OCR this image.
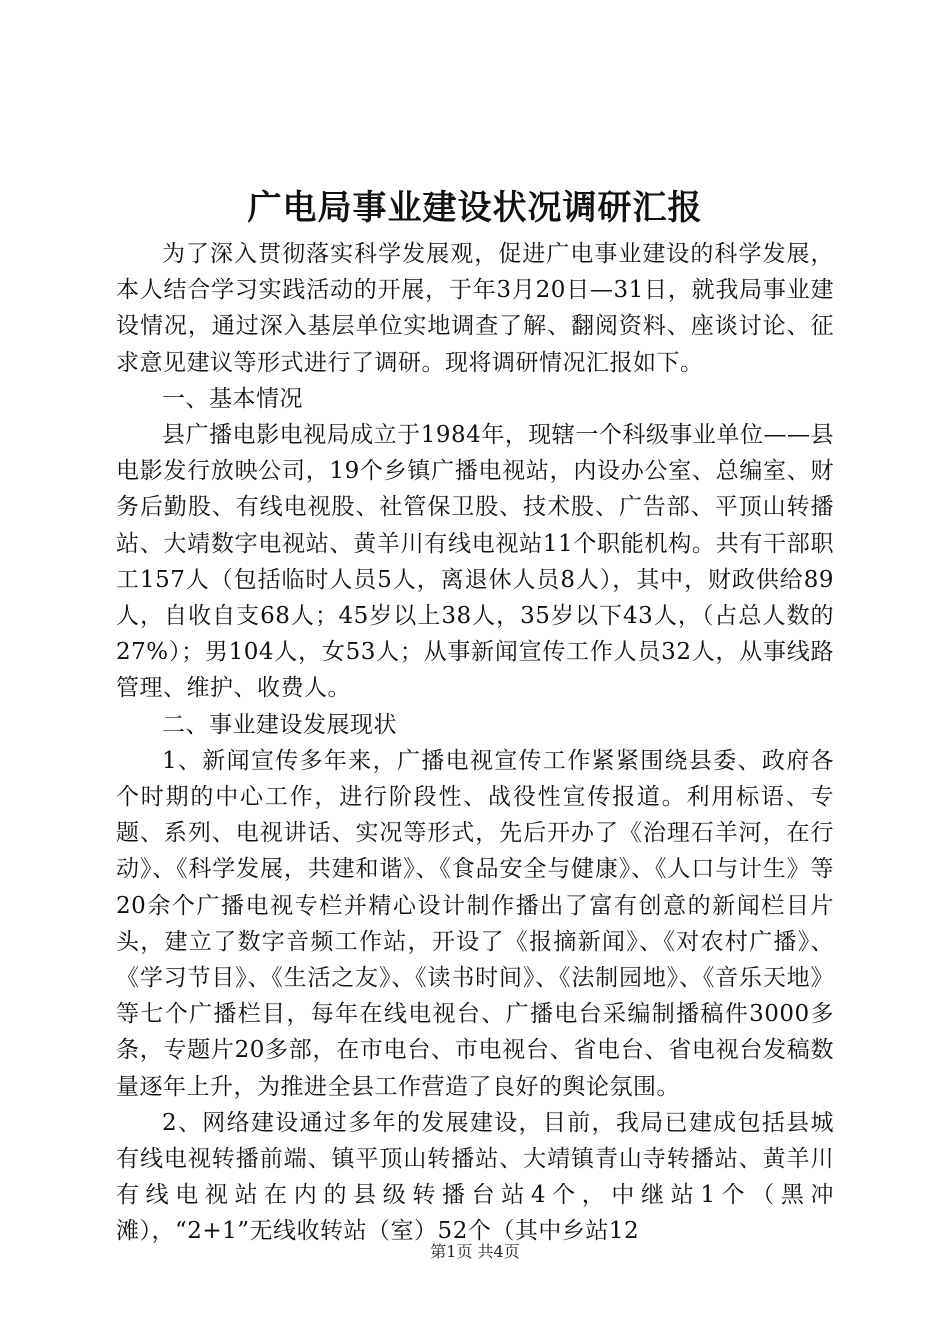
广电局事业建设状况调研汇报

为了深入贯彻落实科学发展观，促进广电事业建设的科学发展，本人结合学习实践活动的开展，于年3月20日—31日，就我局事业建设情况，通过深入基层单位实地调查了解、翻阅资料、座谈讨论、征求意见建议等形式进行了调研。现将调研情况汇报如下。

一、基本情况

县广播电影电视局成立于1984年，现辖一个科级事业单位——县电影发行放映公司，19个乡镇广播电视站，内设办公室、总编室、财务后勤股、有线电视股、社管保卫股、技术股、广告部、平顶山转播站、大靖数字电视站、黄羊川有线电视站11个职能机构。共有干部职工157人（包括临时人员5人，离退休人员8人），其中，财政供给89人，自收自支68人；45岁以上38人，35岁以下43人，（占总人数的27%）；男104人，女53人；从事新闻宣传工作人员32人，从事线路管理、维护、收费人。

二、事业建设发展现状

1、新闻宣传多年来，广播电视宣传工作紧紧围绕县委、政府各个时期的中心工作，进行阶段性、战役性宣传报道。利用标语、专题、系列、电视讲话、实况等形式，先后开办了《治理石羊河，在行动》、《科学发展，共建和谐》、《食品安全与健康》、《人口与计生》等20余个广播电视专栏并精心设计制作播出了富有创意的新闻栏目片头，建立了数字音频工作站，开设了《报摘新闻》、《对农村广播》、《学习节目》、《生活之友》、《读书时间》、《法制园地》、《音乐天地》等七个广播栏目，每年在线电视台、广播电台采编制播稿件3000多条，专题片20多部，在市电台、市电视台、省电台、省电视台发稿数量逐年上升，为推进全县工作营造了良好的舆论氛围。

2、网络建设通过多年的发展建设，目前，我局已建成包括县城有线电视转播前端、镇平顶山转播站、大靖镇青山寺转播站、黄羊川有线电视站在内的县级转播台站4个，中继站1个（黑冲滩），“2+1”无线收转站（室）52个（其中乡站12

第1页 共4页
